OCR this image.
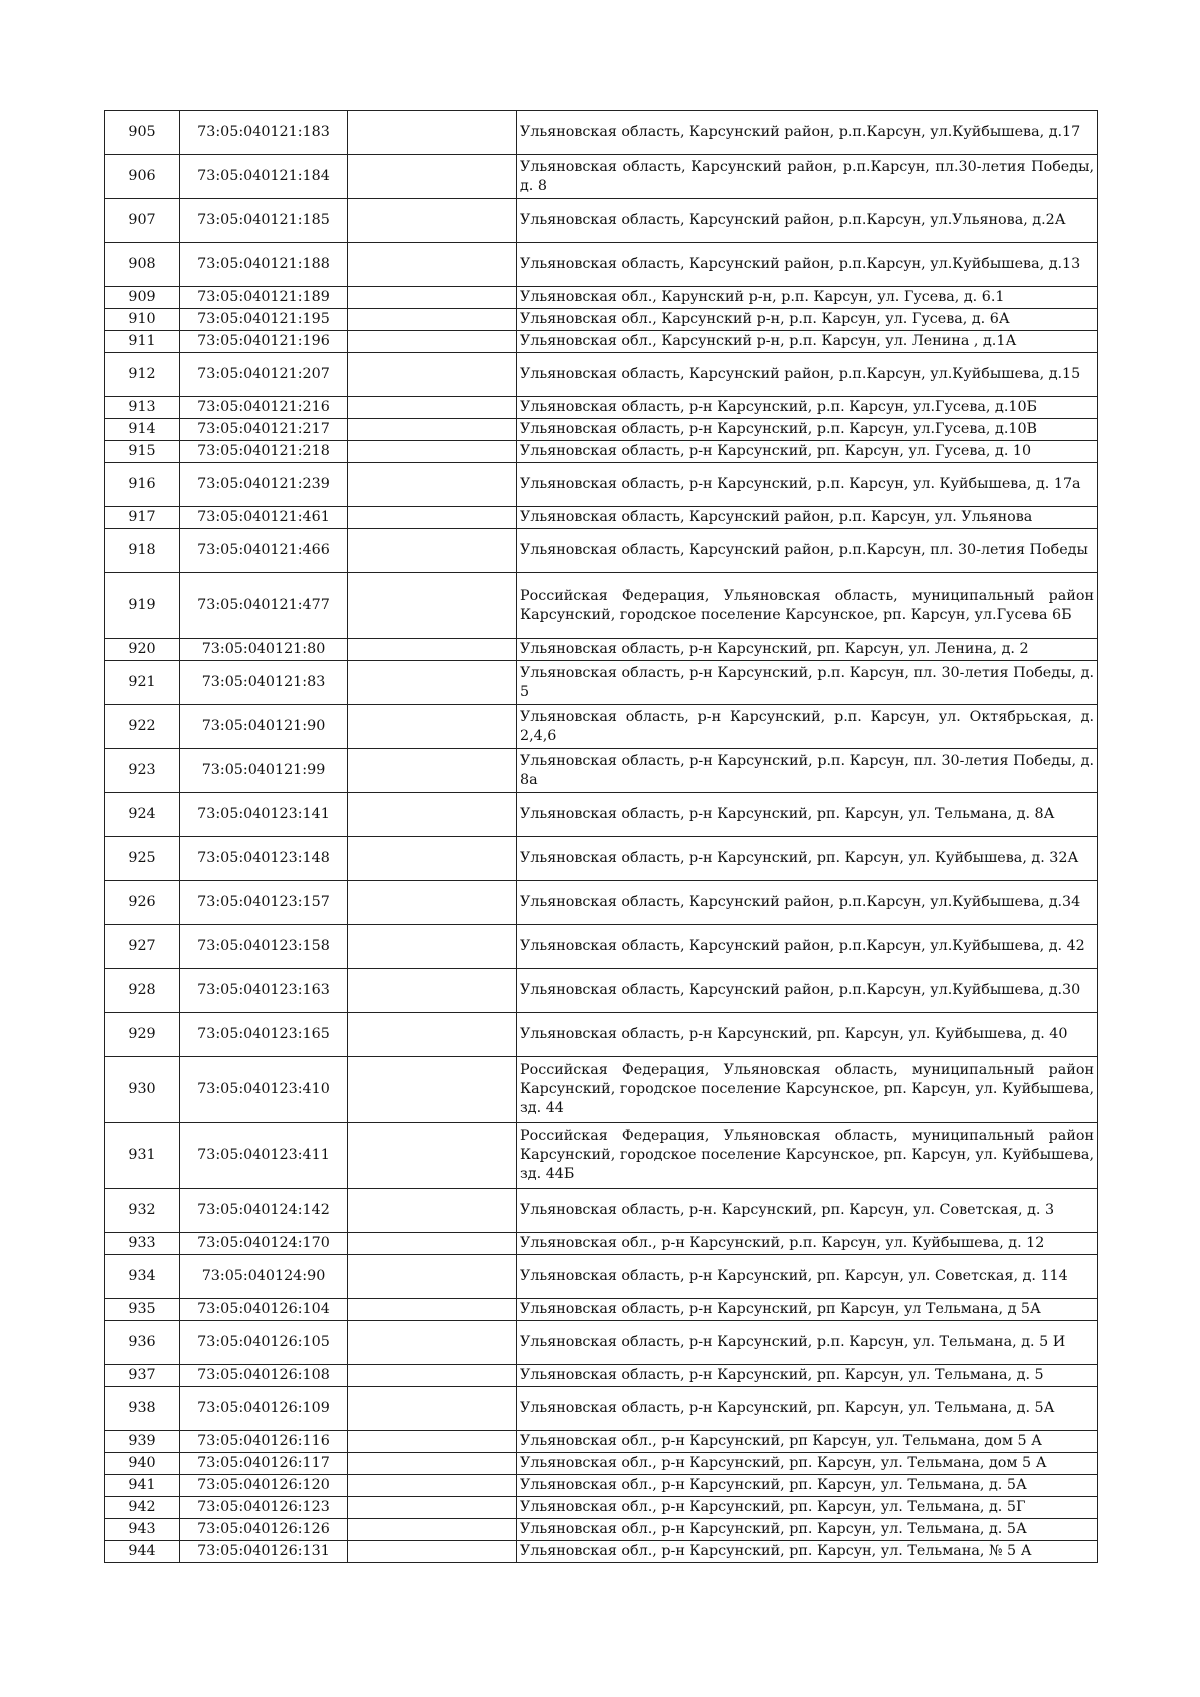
905	73:05:040121:183		Ульяновская область, Карсунский район, р.п.Карсун, ул.Куйбышева, д.17
906	73:05:040121:184		Ульяновская область, Карсунский район, р.п.Карсун, пл.30-летия Победы, д. 8
907	73:05:040121:185		Ульяновская область, Карсунский район, р.п.Карсун, ул.Ульянова, д.2А
908	73:05:040121:188		Ульяновская область, Карсунский район, р.п.Карсун, ул.Куйбышева, д.13
909	73:05:040121:189		Ульяновская обл., Карунский р-н, р.п. Карсун, ул. Гусева, д. 6.1
910	73:05:040121:195		Ульяновская обл., Карсунский р-н, р.п. Карсун, ул. Гусева, д. 6А
911	73:05:040121:196		Ульяновская обл., Карсунский р-н, р.п. Карсун, ул. Ленина , д.1А
912	73:05:040121:207		Ульяновская область, Карсунский район, р.п.Карсун, ул.Куйбышева, д.15
913	73:05:040121:216		Ульяновская область, р-н Карсунский, р.п. Карсун, ул.Гусева, д.10Б
914	73:05:040121:217		Ульяновская область, р-н Карсунский, р.п. Карсун, ул.Гусева, д.10В
915	73:05:040121:218		Ульяновская область, р-н Карсунский, рп. Карсун, ул. Гусева, д. 10
916	73:05:040121:239		Ульяновская область, р-н Карсунский, р.п. Карсун, ул. Куйбышева, д. 17а
917	73:05:040121:461		Ульяновская область, Карсунский район, р.п. Карсун, ул. Ульянова
918	73:05:040121:466		Ульяновская область, Карсунский район, р.п.Карсун, пл. 30-летия Победы
919	73:05:040121:477		Российская Федерация, Ульяновская область, муниципальный район Карсунский, городское поселение Карсунское, рп. Карсун, ул.Гусева 6Б
920	73:05:040121:80		Ульяновская область, р-н Карсунский, рп. Карсун, ул. Ленина, д. 2
921	73:05:040121:83		Ульяновская область, р-н Карсунский, р.п. Карсун, пл. 30-летия Победы, д. 5
922	73:05:040121:90		Ульяновская область, р-н Карсунский, р.п. Карсун, ул. Октябрьская, д. 2,4,6
923	73:05:040121:99		Ульяновская область, р-н Карсунский, р.п. Карсун, пл. 30-летия Победы, д. 8а
924	73:05:040123:141		Ульяновская область, р-н Карсунский, рп. Карсун, ул. Тельмана, д. 8А
925	73:05:040123:148		Ульяновская область, р-н Карсунский, рп. Карсун, ул. Куйбышева, д. 32А
926	73:05:040123:157		Ульяновская область, Карсунский район, р.п.Карсун, ул.Куйбышева, д.34
927	73:05:040123:158		Ульяновская область, Карсунский район, р.п.Карсун, ул.Куйбышева, д. 42
928	73:05:040123:163		Ульяновская область, Карсунский район, р.п.Карсун, ул.Куйбышева, д.30
929	73:05:040123:165		Ульяновская область, р-н Карсунский, рп. Карсун, ул. Куйбышева, д. 40
930	73:05:040123:410		Российская Федерация, Ульяновская область, муниципальный район Карсунский, городское поселение Карсунское, рп. Карсун, ул. Куйбышева, зд. 44
931	73:05:040123:411		Российская Федерация, Ульяновская область, муниципальный район Карсунский, городское поселение Карсунское, рп. Карсун, ул. Куйбышева, зд. 44Б
932	73:05:040124:142		Ульяновская область, р-н. Карсунский, рп. Карсун, ул. Советская, д. 3
933	73:05:040124:170		Ульяновская обл., р-н Карсунский, р.п. Карсун, ул. Куйбышева, д. 12
934	73:05:040124:90		Ульяновская область, р-н Карсунский, рп. Карсун, ул. Советская, д. 114
935	73:05:040126:104		Ульяновская область, р-н Карсунский, рп Карсун, ул Тельмана, д 5А
936	73:05:040126:105		Ульяновская область, р-н Карсунский, р.п. Карсун, ул. Тельмана, д. 5 И
937	73:05:040126:108		Ульяновская область, р-н Карсунский, рп. Карсун, ул. Тельмана, д. 5
938	73:05:040126:109		Ульяновская область, р-н Карсунский, рп. Карсун, ул. Тельмана, д. 5А
939	73:05:040126:116		Ульяновская обл., р-н Карсунский, рп Карсун, ул. Тельмана, дом 5 А
940	73:05:040126:117		Ульяновская обл., р-н Карсунский, рп. Карсун, ул. Тельмана, дом 5 А
941	73:05:040126:120		Ульяновская обл., р-н Карсунский, рп. Карсун, ул. Тельмана, д. 5А
942	73:05:040126:123		Ульяновская обл., р-н Карсунский, рп. Карсун, ул. Тельмана, д. 5Г
943	73:05:040126:126		Ульяновская обл., р-н Карсунский, рп. Карсун, ул. Тельмана, д. 5А
944	73:05:040126:131		Ульяновская обл., р-н Карсунский, рп. Карсун, ул. Тельмана, № 5 А
